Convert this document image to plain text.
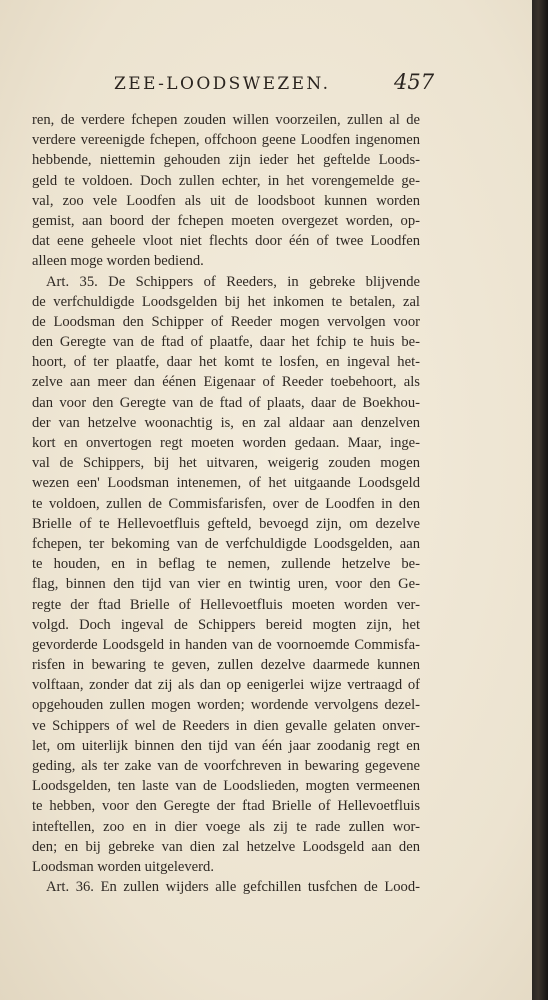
ZEE-LOODSWEZEN.	457
ren, de verdere fchepen zouden willen voorzeilen, zullen al de
verdere vereenigde fchepen, offchoon geene Loodfen ingenomen
hebbende, niettemin gehouden zijn ieder het geftelde Loods-
geld te voldoen. Doch zullen echter, in het vorengemelde ge-
val, zoo vele Loodfen als uit de loodsboot kunnen worden
gemist, aan boord der fchepen moeten overgezet worden, op-
dat eene geheele vloot niet flechts door één of twee Loodfen
alleen moge worden bediend.
Art. 35. De Schippers of Reeders, in gebreke blijvende
de verfchuldigde Loodsgelden bij het inkomen te betalen, zal
de Loodsman den Schipper of Reeder mogen vervolgen voor
den Geregte van de ftad of plaatfe, daar het fchip te huis be-
hoort, of ter plaatfe, daar het komt te losfen, en ingeval het-
zelve aan meer dan éénen Eigenaar of Reeder toebehoort, als
dan voor den Geregte van de ftad of plaats, daar de Boekhou-
der van hetzelve woonachtig is, en zal aldaar aan denzelven
kort en onvertogen regt moeten worden gedaan. Maar, inge-
val de Schippers, bij het uitvaren, weigerig zouden mogen
wezen een' Loodsman intenemen, of het uitgaande Loodsgeld
te voldoen, zullen de Commisfarisfen, over de Loodfen in den
Brielle of te Hellevoetfluis gefteld, bevoegd zijn, om dezelve
fchepen, ter bekoming van de verfchuldigde Loodsgelden, aan
te houden, en in beflag te nemen, zullende hetzelve be-
flag, binnen den tijd van vier en twintig uren, voor den Ge-
regte der ftad Brielle of Hellevoetfluis moeten worden ver-
volgd. Doch ingeval de Schippers bereid mogten zijn, het
gevorderde Loodsgeld in handen van de voornoemde Commisfa-
risfen in bewaring te geven, zullen dezelve daarmede kunnen
volftaan, zonder dat zij als dan op eenigerlei wijze vertraagd of
opgehouden zullen mogen worden; wordende vervolgens dezel-
ve Schippers of wel de Reeders in dien gevalle gelaten onver-
let, om uiterlijk binnen den tijd van één jaar zoodanig regt en
geding, als ter zake van de voorfchreven in bewaring gegevene
Loodsgelden, ten laste van de Loodslieden, mogten vermeenen
te hebben, voor den Geregte der ftad Brielle of Hellevoetfluis
inteftellen, zoo en in dier voege als zij te rade zullen wor-
den; en bij gebreke van dien zal hetzelve Loodsgeld aan den
Loodsman worden uitgeleverd.
Art. 36. En zullen wijders alle gefchillen tusfchen de Lood-
